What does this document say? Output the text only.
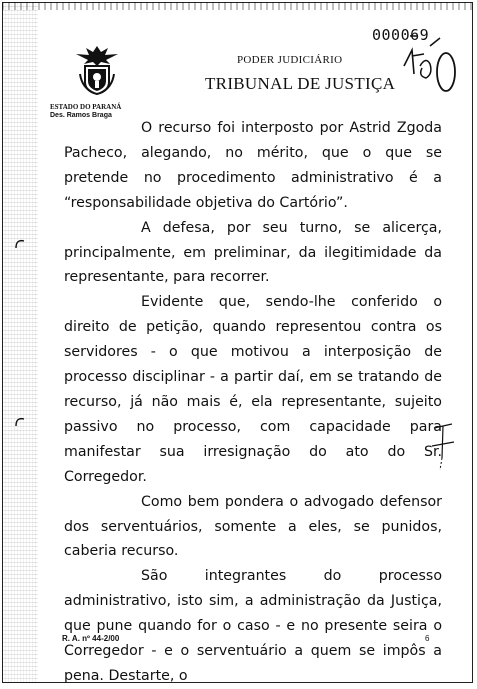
PODER JUDICIÁRIO
TRIBUNAL DE JUSTIÇA
ESTADO DO PARANÁ
Des. Ramos Braga
000069

O recurso foi interposto por Astrid Zgoda Pacheco, alegando, no mérito, que o que se pretende no procedimento administrativo é a “responsabilidade objetiva do Cartório”.

A defesa, por seu turno, se alicerça, principalmente, em preliminar, da ilegitimidade da representante, para recorrer.

Evidente que, sendo-lhe conferido o direito de petição, quando representou contra os servidores - o que motivou a interposição de processo disciplinar - a partir daí, em se tratando de recurso, já não mais é, ela representante, sujeito passivo no processo, com capacidade para manifestar sua irresignação do ato do Sr. Corregedor.

Como bem pondera o advogado defensor dos serventuários, somente a eles, se punidos, caberia recurso.

São integrantes do processo administrativo, isto sim, a administração da Justiça, que pune quando for o caso - e no presente seira o Corregedor - e o serventuário a quem se impôs a pena. Destarte, o

R. A. nº 44-2/00	6
